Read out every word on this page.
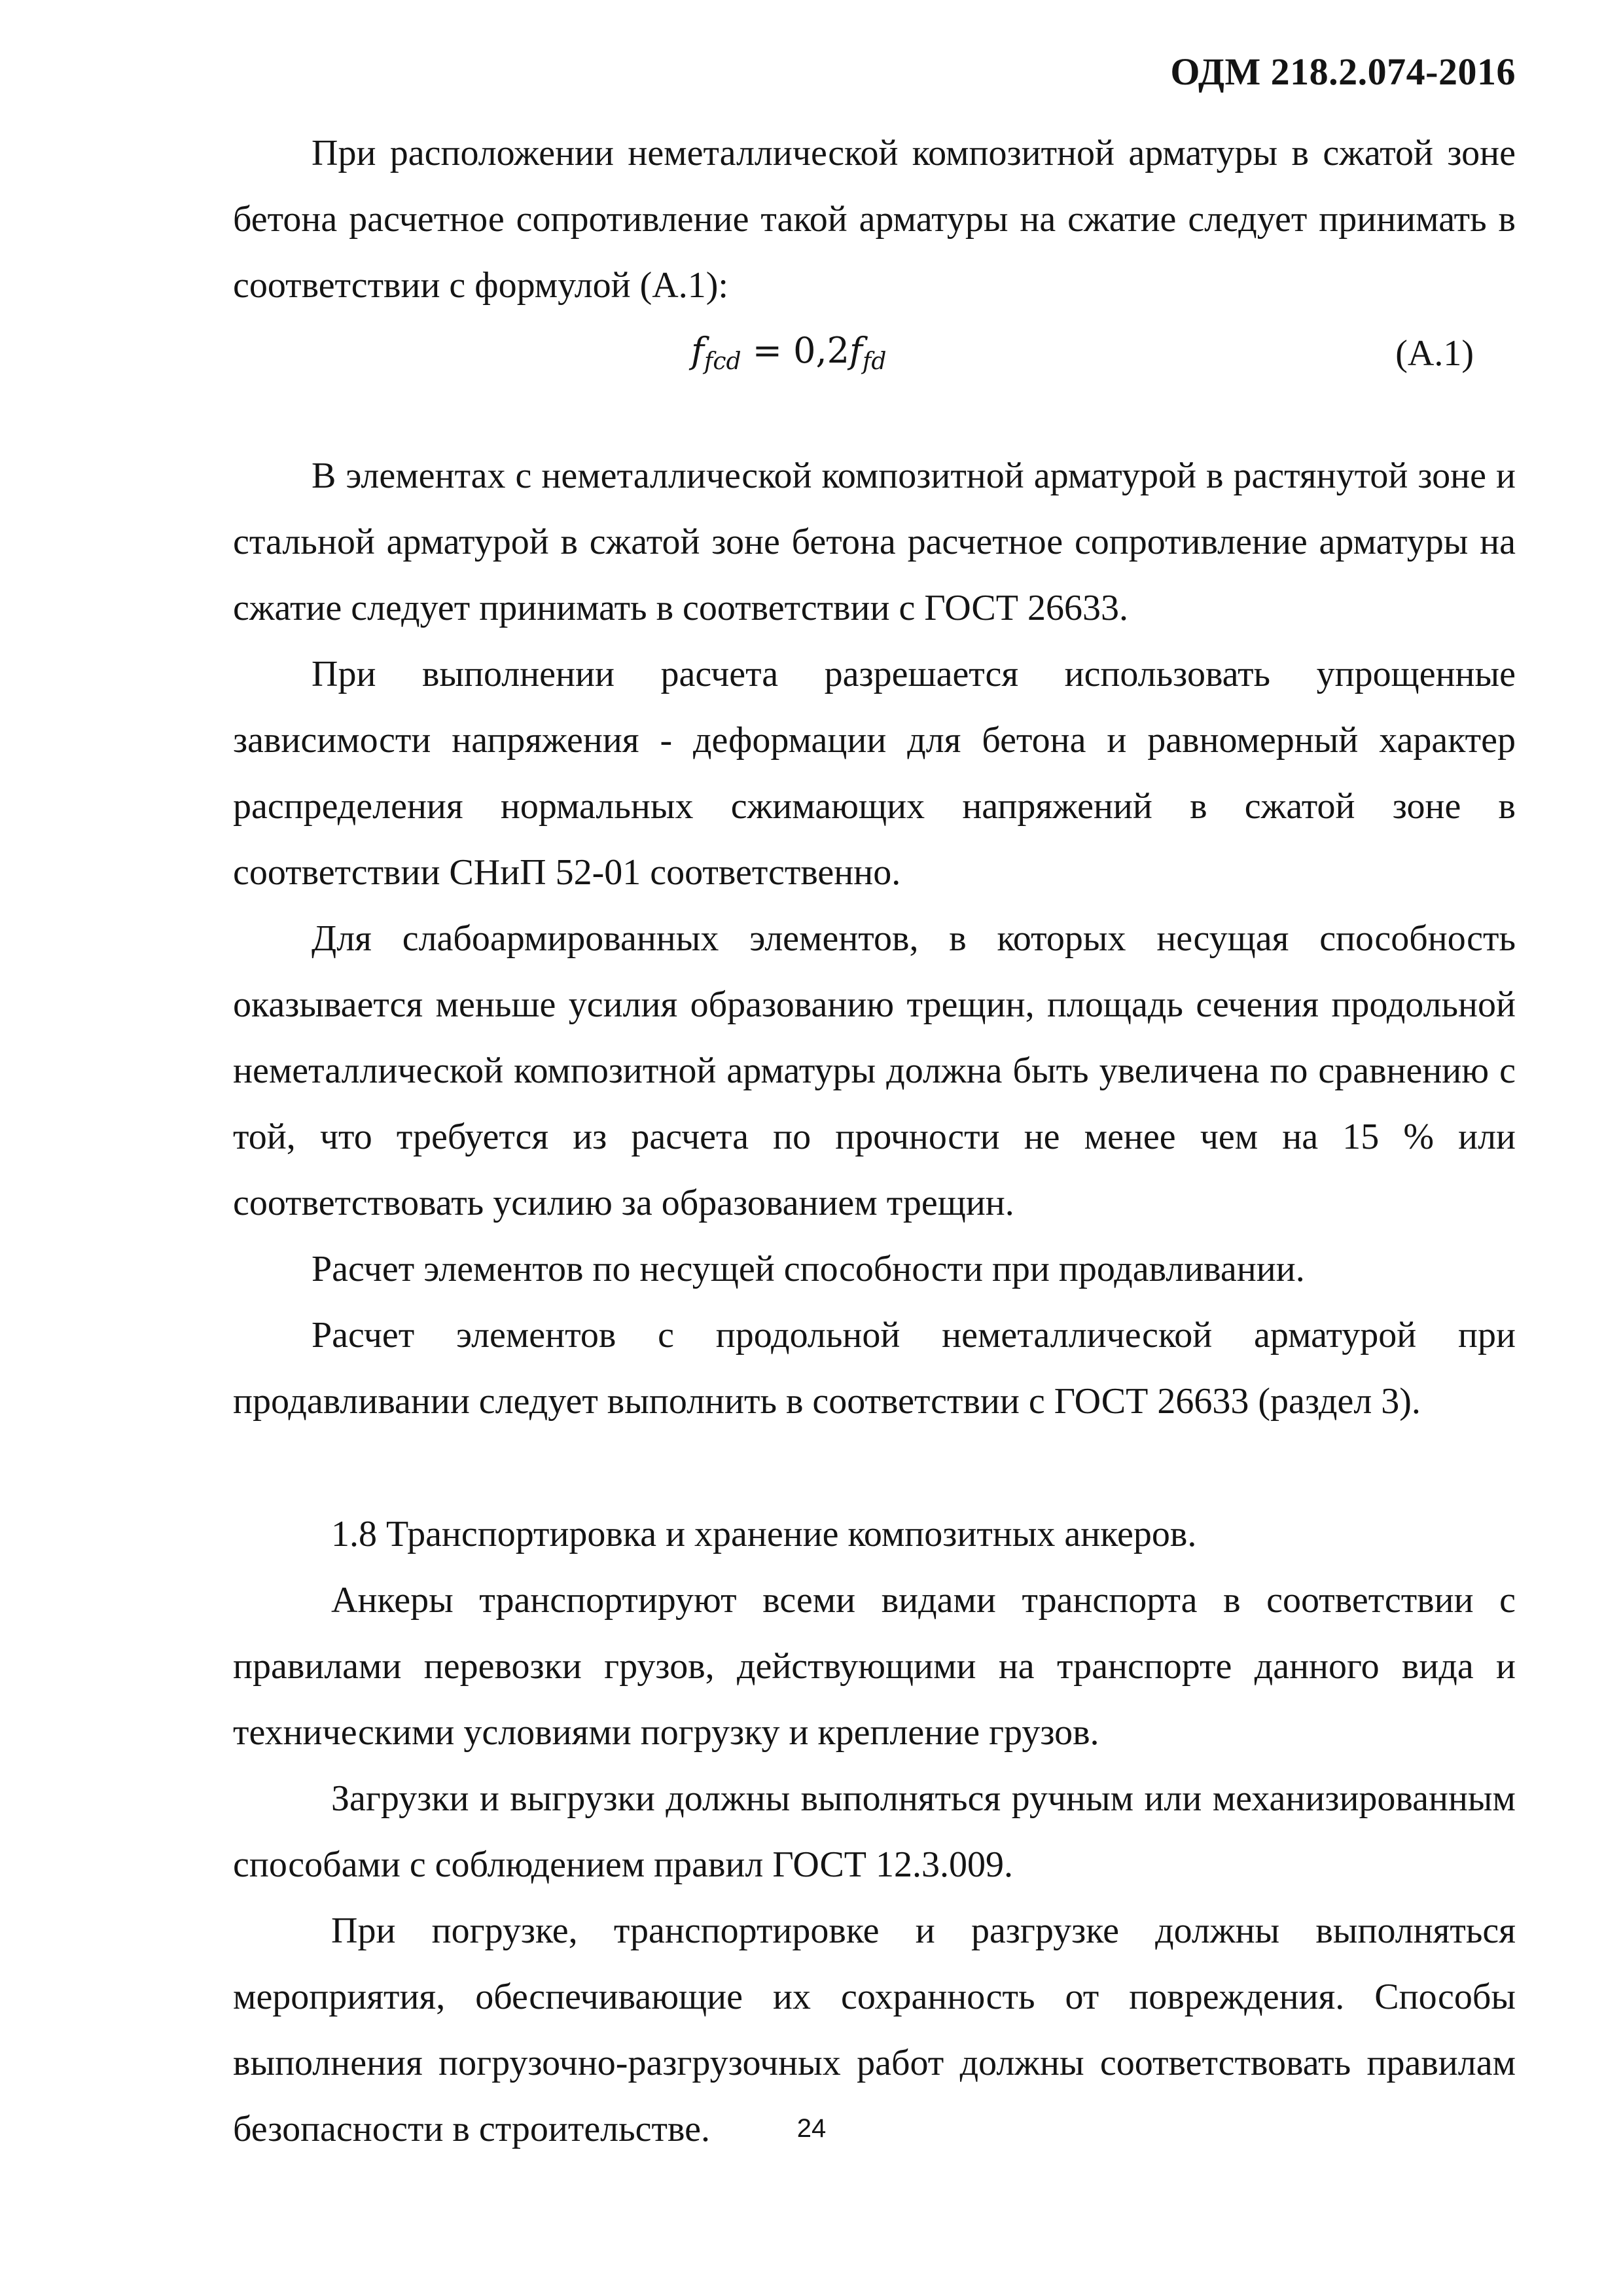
ОДМ 218.2.074-2016

При расположении неметаллической композитной арматуры в сжатой зоне бетона расчетное сопротивление такой арматуры на сжатие следует принимать в соответствии с формулой (А.1):

$f_{fcd} = 0,2f_{fd}$	(А.1)

В элементах с неметаллической композитной арматурой в растянутой зоне и стальной арматурой в сжатой зоне бетона расчетное сопротивление арматуры на сжатие следует принимать в соответствии с ГОСТ 26633.

При выполнении расчета разрешается использовать упрощенные зависимости напряжения - деформации для бетона и равномерный характер распределения нормальных сжимающих напряжений в сжатой зоне в соответствии СНиП 52-01 соответственно.

Для слабоармированных элементов, в которых несущая способность оказывается меньше усилия образованию трещин, площадь сечения продольной неметаллической композитной арматуры должна быть увеличена по сравнению с той, что требуется из расчета по прочности не менее чем на 15 % или соответствовать усилию за образованием трещин.

Расчет элементов по несущей способности при продавливании.

Расчет элементов с продольной неметаллической арматурой при продавливании следует выполнить в соответствии с ГОСТ 26633 (раздел 3).

1.8 Транспортировка и хранение композитных анкеров.

Анкеры транспортируют всеми видами транспорта в соответствии с правилами перевозки грузов, действующими на транспорте данного вида и техническими условиями погрузку и крепление грузов.

Загрузки и выгрузки должны выполняться ручным или механизированным способами с соблюдением правил ГОСТ 12.3.009.

При погрузке, транспортировке и разгрузке должны выполняться мероприятия, обеспечивающие их сохранность от повреждения. Способы выполнения погрузочно-разгрузочных работ должны соответствовать правилам безопасности в строительстве.	24
